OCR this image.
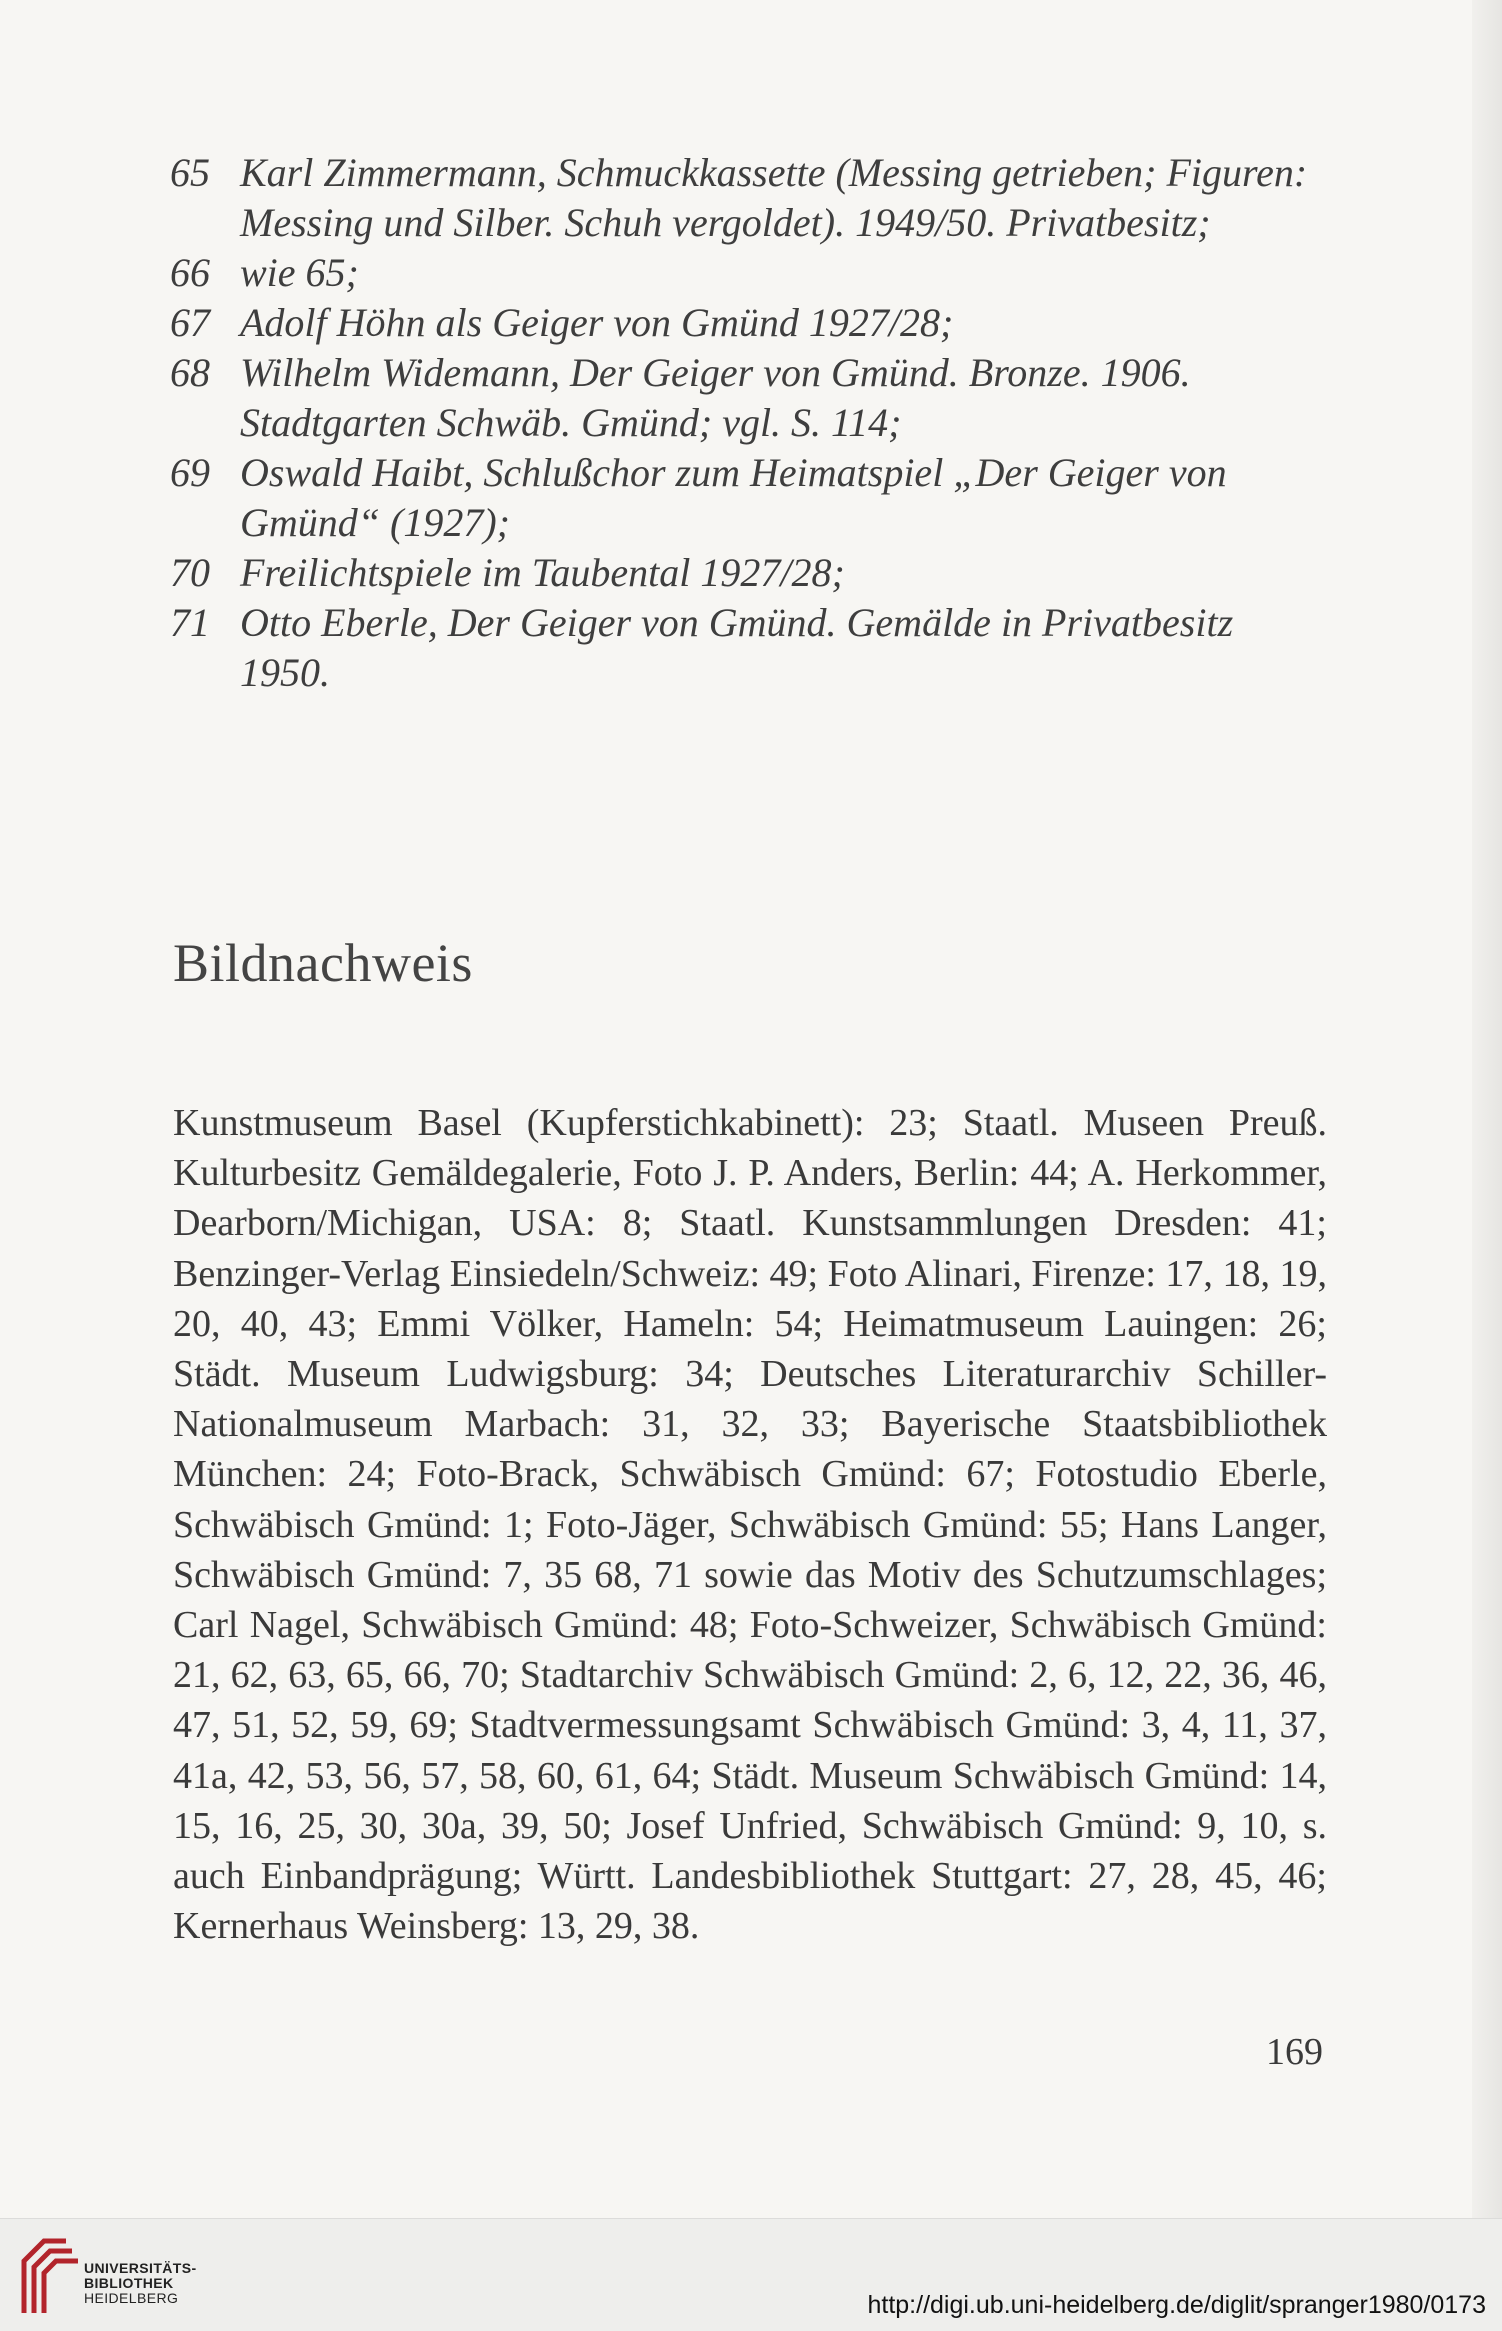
65 Karl Zimmermann, Schmuckkassette (Messing getrieben; Figuren: Messing und Silber. Schuh vergoldet). 1949/50. Privatbesitz;
66 wie 65;
67 Adolf Höhn als Geiger von Gmünd 1927/28;
68 Wilhelm Widemann, Der Geiger von Gmünd. Bronze. 1906. Stadtgarten Schwäb. Gmünd; vgl. S. 114;
69 Oswald Haibt, Schlußchor zum Heimatspiel „Der Geiger von Gmünd“ (1927);
70 Freilichtspiele im Taubental 1927/28;
71 Otto Eberle, Der Geiger von Gmünd. Gemälde in Privatbesitz 1950.
Bildnachweis

Kunstmuseum Basel (Kupferstichkabinett): 23; Staatl. Museen Preuß. Kulturbesitz Gemäldegalerie, Foto J. P. Anders, Berlin: 44; A. Herkommer, Dearborn/Michigan, USA: 8; Staatl. Kunstsammlungen Dresden: 41; Benzinger-Verlag Einsiedeln/Schweiz: 49; Foto Alinari, Firenze: 17, 18, 19, 20, 40, 43; Emmi Völker, Hameln: 54; Heimatmuseum Lauingen: 26; Städt. Museum Ludwigsburg: 34; Deutsches Literaturarchiv Schiller-Nationalmuseum Marbach: 31, 32, 33; Bayerische Staatsbibliothek München: 24; Foto-Brack, Schwäbisch Gmünd: 67; Fotostudio Eberle, Schwäbisch Gmünd: 1; Foto-Jäger, Schwäbisch Gmünd: 55; Hans Langer, Schwäbisch Gmünd: 7, 35 68, 71 sowie das Motiv des Schutzumschlages; Carl Nagel, Schwäbisch Gmünd: 48; Foto-Schweizer, Schwäbisch Gmünd: 21, 62, 63, 65, 66, 70; Stadtarchiv Schwäbisch Gmünd: 2, 6, 12, 22, 36, 46, 47, 51, 52, 59, 69; Stadtvermessungsamt Schwäbisch Gmünd: 3, 4, 11, 37, 41a, 42, 53, 56, 57, 58, 60, 61, 64; Städt. Museum Schwäbisch Gmünd: 14, 15, 16, 25, 30, 30a, 39, 50; Josef Unfried, Schwäbisch Gmünd: 9, 10, s. auch Einbandprägung; Württ. Landesbibliothek Stuttgart: 27, 28, 45, 46; Kernerhaus Weinsberg: 13, 29, 38.

169
UNIVERSITÄTS-
BIBLIOTHEK
HEIDELBERG	http://digi.ub.uni-heidelberg.de/diglit/spranger1980/0173
